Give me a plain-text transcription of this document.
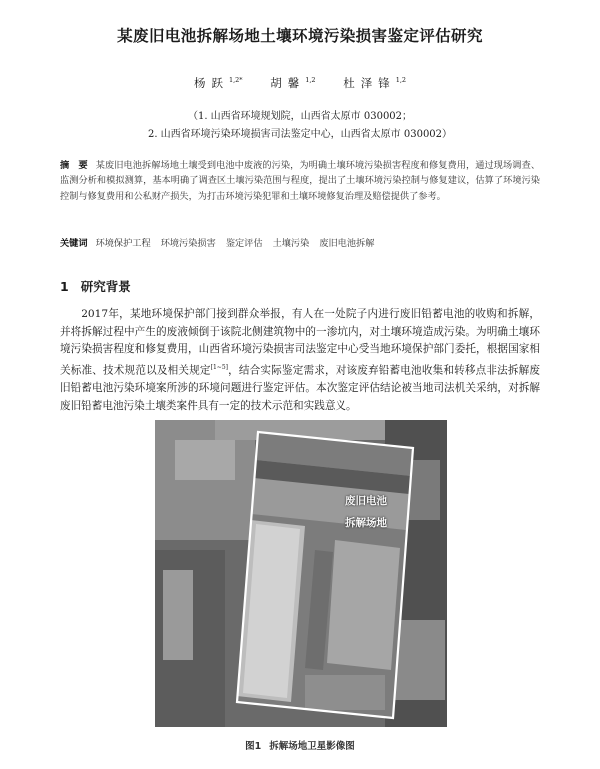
某废旧电池拆解场地土壤环境污染损害鉴定评估研究
杨跃$^{1,2*}$ 胡馨$^{1,2}$ 杜泽锋$^{1,2}$
（1. 山西省环境规划院，山西省太原市 030002；
2. 山西省环境污染环境损害司法鉴定中心，山西省太原市 030002）
摘　要 某废旧电池拆解场地土壤受到电池中废液的污染，为明确土壤环境污染损害程度和修复费用，通过现场调查、监测分析和模拟测算，基本明确了调查区土壤污染范围与程度，提出了土壤环境污染控制与修复建议，估算了环境污染控制与修复费用和公私财产损失，为打击环境污染犯罪和土壤环境修复治理及赔偿提供了参考。
关键词 环境保护工程 环境污染损害 鉴定评估 土壤污染 废旧电池拆解
1 研究背景
2017年，某地环境保护部门接到群众举报，有人在一处院子内进行废旧铅蓄电池的收购和拆解，并将拆解过程中产生的废液倾倒于该院北侧建筑物中的一渗坑内，对土壤环境造成污染。为明确土壤环境污染损害程度和修复费用，山西省环境污染损害司法鉴定中心受当地环境保护部门委托，根据国家相关标准、技术规范以及相关规定[1~5]，结合实际鉴定需求，对该废弃铅蓄电池收集和转移点非法拆解废旧铅蓄电池污染环境案所涉的环境问题进行鉴定评估。本次鉴定评估结论被当地司法机关采纳，对拆解废旧铅蓄电池污染土壤类案件具有一定的技术示范和实践意义。
废旧电池
拆解场地
图1 拆解场地卫星影像图
